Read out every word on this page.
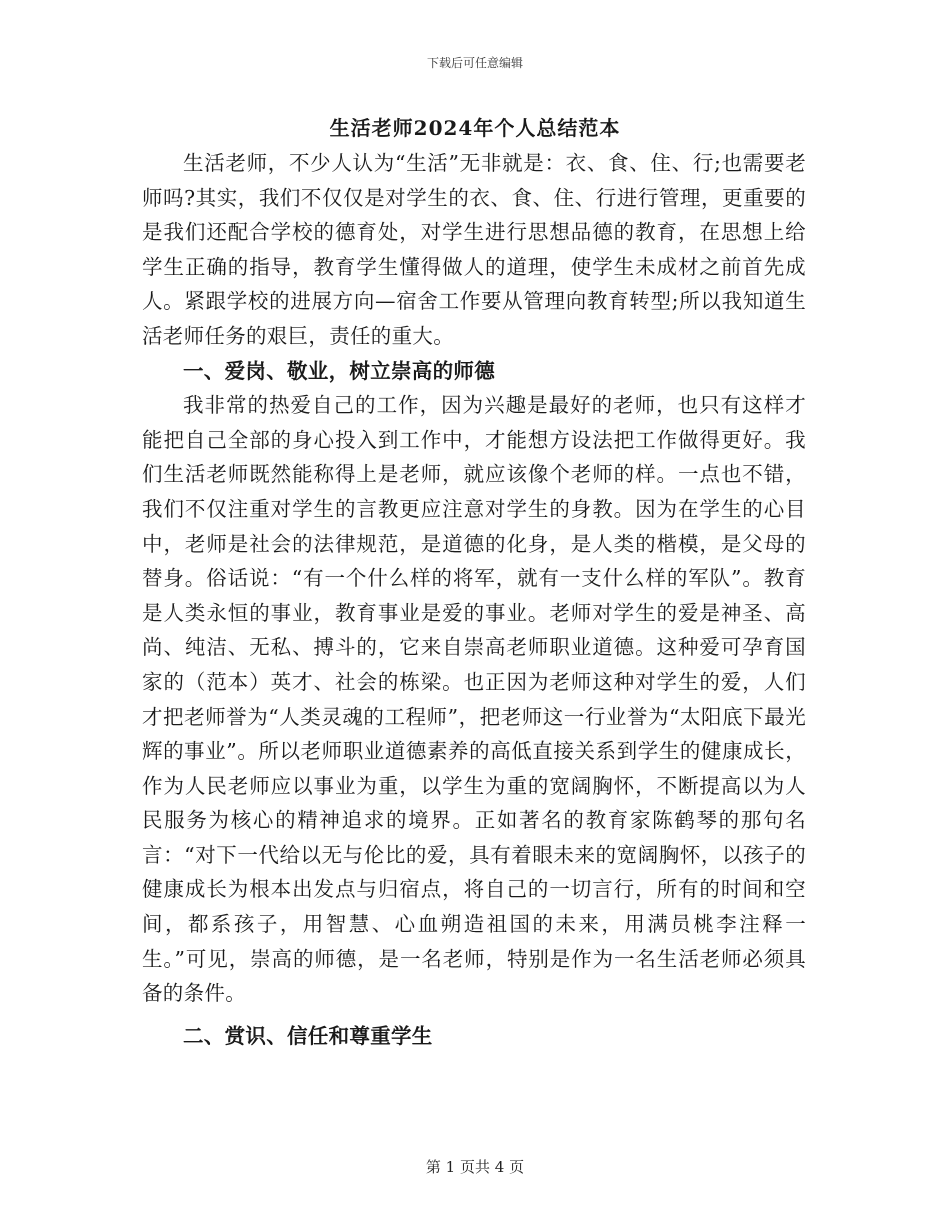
下载后可任意编辑
生活老师2024年个人总结范本

生活老师，不少人认为“生活”无非就是：衣、食、住、行;也需要老师吗?其实，我们不仅仅是对学生的衣、食、住、行进行管理，更重要的是我们还配合学校的德育处，对学生进行思想品德的教育，在思想上给学生正确的指导，教育学生懂得做人的道理，使学生未成材之前首先成人。紧跟学校的进展方向—宿舍工作要从管理向教育转型;所以我知道生活老师任务的艰巨，责任的重大。

一、爱岗、敬业，树立崇高的师德

我非常的热爱自己的工作，因为兴趣是最好的老师，也只有这样才能把自己全部的身心投入到工作中，才能想方设法把工作做得更好。我们生活老师既然能称得上是老师，就应该像个老师的样。一点也不错，我们不仅注重对学生的言教更应注意对学生的身教。因为在学生的心目中，老师是社会的法律规范，是道德的化身，是人类的楷模，是父母的替身。俗话说：“有一个什么样的将军，就有一支什么样的军队”。教育是人类永恒的事业，教育事业是爱的事业。老师对学生的爱是神圣、高尚、纯洁、无私、搏斗的，它来自崇高老师职业道德。这种爱可孕育国家的（范本）英才、社会的栋梁。也正因为老师这种对学生的爱，人们才把老师誉为“人类灵魂的工程师”，把老师这一行业誉为“太阳底下最光辉的事业”。所以老师职业道德素养的高低直接关系到学生的健康成长，作为人民老师应以事业为重，以学生为重的宽阔胸怀，不断提高以为人民服务为核心的精神追求的境界。正如著名的教育家陈鹤琴的那句名言：“对下一代给以无与伦比的爱，具有着眼未来的宽阔胸怀，以孩子的健康成长为根本出发点与归宿点，将自己的一切言行，所有的时间和空间，都系孩子，用智慧、心血朔造祖国的未来，用满员桃李注释一生。”可见，崇高的师德，是一名老师，特别是作为一名生活老师必须具备的条件。

二、赏识、信任和尊重学生

第 1 页共 4 页
